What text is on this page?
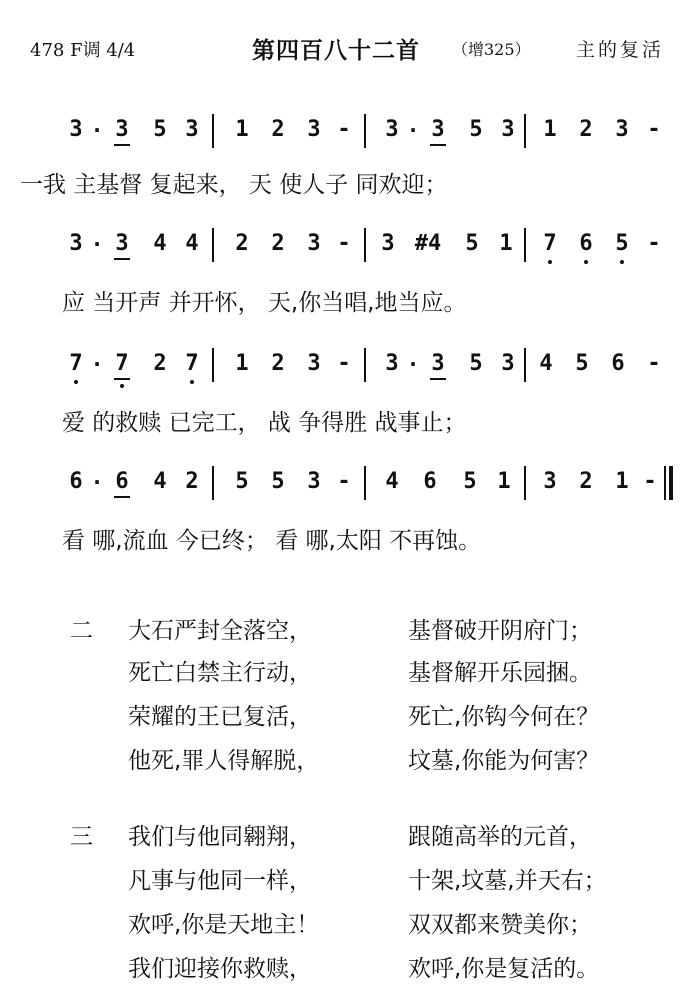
478 F调 4/4	第四百八十二首 （增325） 主的复活
3 · 3 5 3 1 2 3 - 3 · 3 5 3 1 2 3 -
一我 主基督 复起来， 天 使人子 同欢迎；
3 · 3 4 4 2 2 3 - 3 #4 5 1 7 6 5 -
应 当开声 并开怀， 天,你当唱,地当应。
7 · 7 2 7 1 2 3 - 3 · 3 5 3 4 5 6 -
爱 的救赎 已完工， 战 争得胜 战事止；
6 · 6 4 2 5 5 3 - 4 6 5 1 3 2 1 -
看 哪,流血 今已终； 看 哪,太阳 不再蚀。
二 大石严封全落空，	基督破开阴府门；
死亡白禁主行动，	基督解开乐园捆。
荣耀的王已复活，	死亡,你钩今何在？
他死,罪人得解脱，	坟墓,你能为何害？
三 我们与他同翱翔，	跟随高举的元首，
凡事与他同一样，	十架,坟墓,并天右；
欢呼,你是天地主！	双双都来赞美你；
我们迎接你救赎，	欢呼,你是复活的。
